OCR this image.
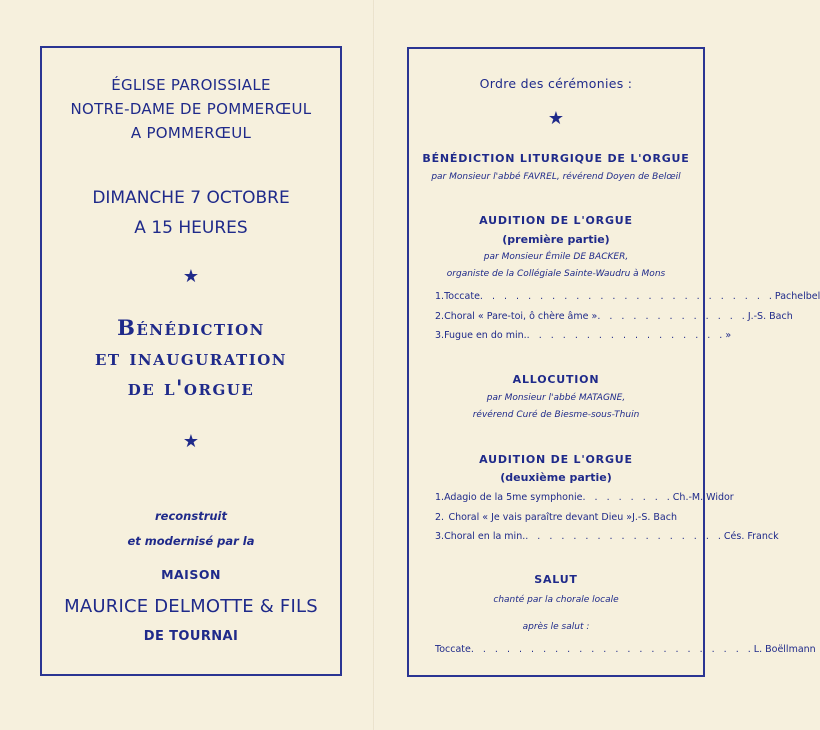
ÉGLISE PAROISSIALE
NOTRE-DAME DE POMMERŒUL
A POMMERŒUL
DIMANCHE 7 OCTOBRE
A 15 HEURES
★
Bénédiction
et inauguration
de l'orgue
★
reconstruit
et modernisé par la
MAISON
MAURICE DELMOTTE & FILS
DE TOURNAI
Ordre des cérémonies :
★
BÉNÉDICTION LITURGIQUE DE L'ORGUE
par Monsieur l'abbé FAVREL, révérend Doyen de Belœil
AUDITION DE L'ORGUE
(première partie)
par Monsieur Émile DE BACKER,
organiste de la Collégiale Sainte-Waudru à Mons
1. Toccate . . . . . . . . . . . . . . . . . . . . . . . . . Pachelbel
2. Choral « Pare-toi, ô chère âme » . . . . . . . . . . . . . J.-S. Bach
3. Fugue en do min. . . . . . . . . . . . . . . . . . »
ALLOCUTION
par Monsieur l'abbé MATAGNE,
révérend Curé de Biesme-sous-Thuin
AUDITION DE L'ORGUE
(deuxième partie)
1. Adagio de la 5me symphonie . . . . . . . . Ch.-M. Widor
2. Choral « Je vais paraître devant Dieu » J.-S. Bach
3. Choral en la min. . . . . . . . . . . . . . . . . . Cés. Franck
SALUT
chanté par la chorale locale
après le salut :
Toccate . . . . . . . . . . . . . . . . . . . . . . . . L. Boëllmann
